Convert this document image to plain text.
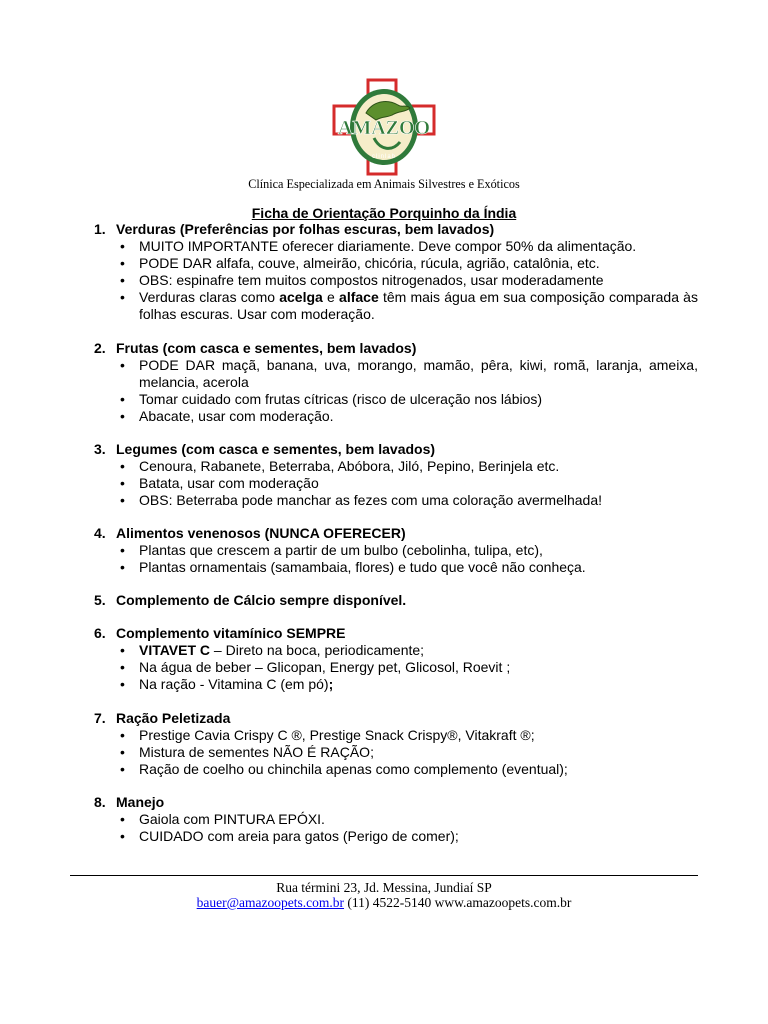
AMAZOO
clinlab
Clínica Especializada em Animais Silvestres e Exóticos
Ficha de Orientação Porquinho da Índia
1. Verduras (Preferências por folhas escuras, bem lavados)
• MUITO IMPORTANTE oferecer diariamente. Deve compor 50% da alimentação.
• PODE DAR alfafa, couve, almeirão, chicória, rúcula, agrião, catalônia, etc.
• OBS: espinafre tem muitos compostos nitrogenados, usar moderadamente
• Verduras claras como acelga e alface têm mais água em sua composição comparada às folhas escuras. Usar com moderação.
2. Frutas (com casca e sementes, bem lavados)
• PODE DAR maçã, banana, uva, morango, mamão, pêra, kiwi, romã, laranja, ameixa, melancia, acerola
• Tomar cuidado com frutas cítricas (risco de ulceração nos lábios)
• Abacate, usar com moderação.
3. Legumes (com casca e sementes, bem lavados)
• Cenoura, Rabanete, Beterraba, Abóbora, Jiló, Pepino, Berinjela etc.
• Batata, usar com moderação
• OBS: Beterraba pode manchar as fezes com uma coloração avermelhada!
4. Alimentos venenosos (NUNCA OFERECER)
• Plantas que crescem a partir de um bulbo (cebolinha, tulipa, etc),
• Plantas ornamentais (samambaia, flores) e tudo que você não conheça.
5. Complemento de Cálcio sempre disponível.
6. Complemento vitamínico SEMPRE
• VITAVET C – Direto na boca, periodicamente;
• Na água de beber – Glicopan, Energy pet, Glicosol, Roevit ;
• Na ração - Vitamina C (em pó);
7. Ração Peletizada
• Prestige Cavia Crispy C ®, Prestige Snack Crispy®, Vitakraft ®;
• Mistura de sementes NÃO É RAÇÃO;
• Ração de coelho ou chinchila apenas como complemento (eventual);
8. Manejo
• Gaiola com PINTURA EPÓXI.
• CUIDADO com areia para gatos (Perigo de comer);
Rua términi 23, Jd. Messina, Jundiaí SP
bauer@amazoopets.com.br (11) 4522-5140 www.amazoopets.com.br
